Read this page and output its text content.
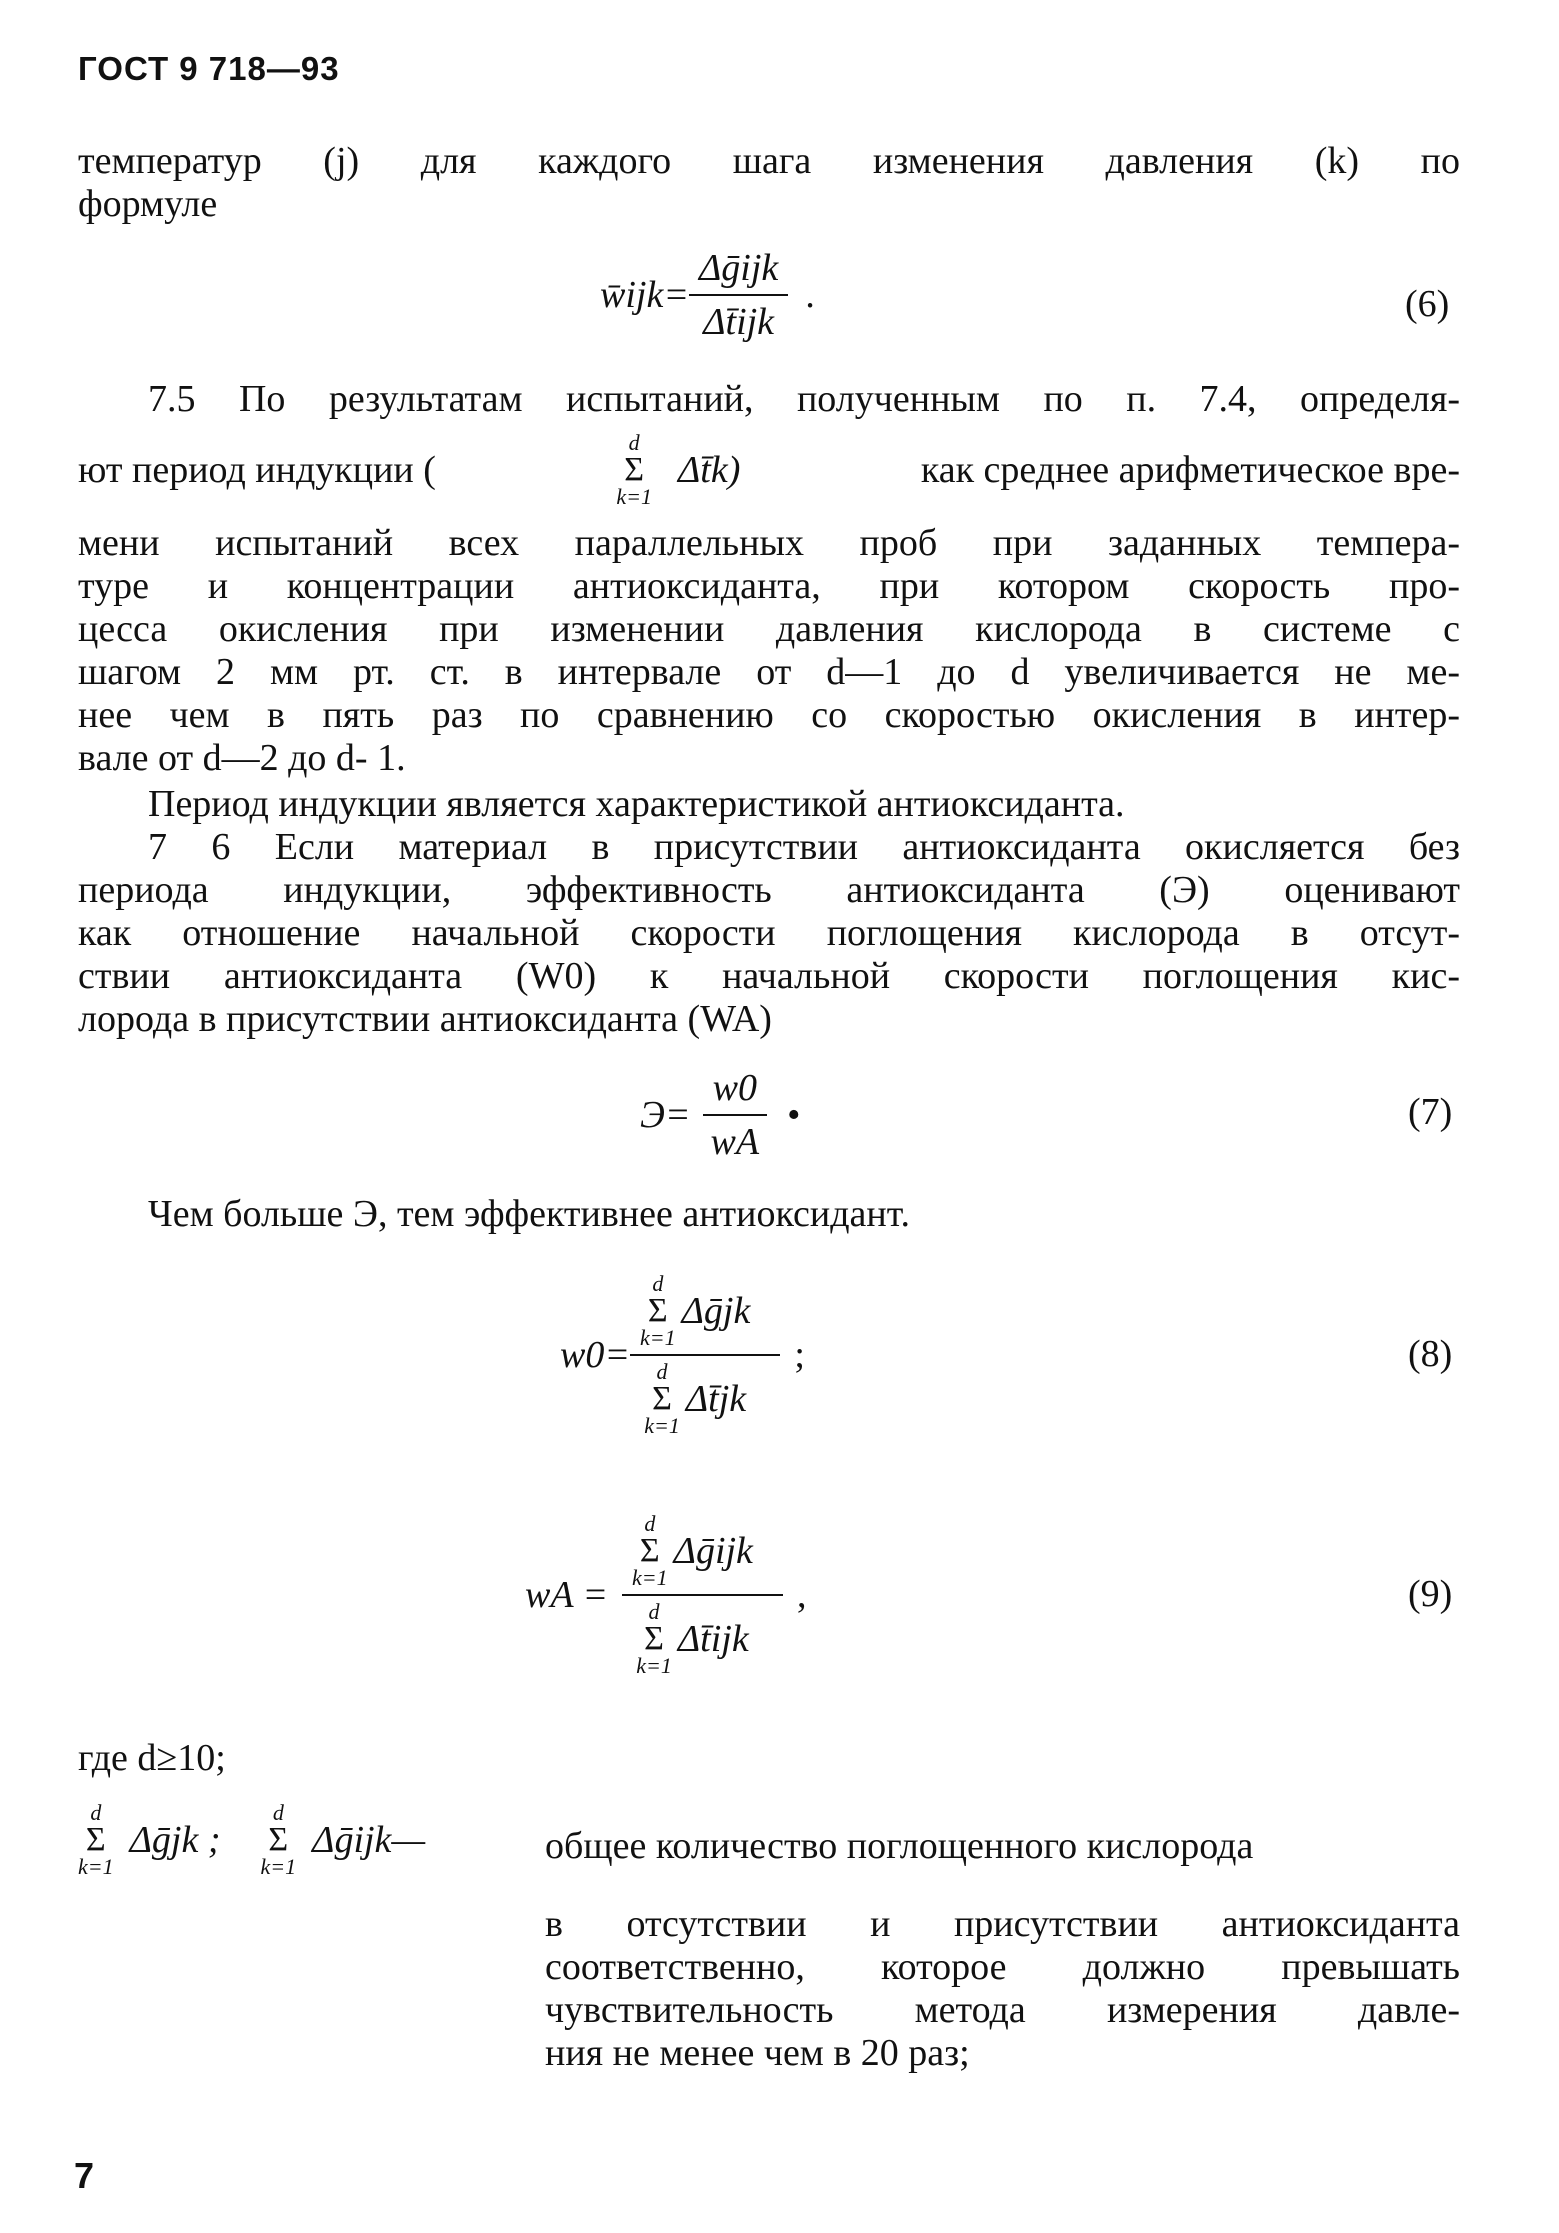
ГОСТ 9 718—93
температур (j) для каждого шага изменения давления (k) по
формуле
w̄ijk= $\frac{\text{Δḡijk}}{\text{Δt̄ijk}}$ .	(6)
7.5 По результатам испытаний, полученным по п. 7.4, определя-
ют период индукции (
d
Σ
k=1
Δt̄k)	как среднее арифметическое вре-
мени испытаний всех параллельных проб при заданных темпера-
туре и концентрации антиоксиданта, при котором скорость про-
цесса окисления при изменении давления кислорода в системе с
шагом 2 мм рт. ст. в интервале от d—1 до d увеличивается не ме-
нее чем в пять раз по сравнению со скоростью окисления в интер-
вале от d—2 до d- 1.
Период индукции является характеристикой антиоксиданта.
7 6 Если материал в присутствии антиоксиданта окисляется без
периода индукции, эффективность антиоксиданта (Э) оценивают
как отношение начальной скорости поглощения кислорода в отсут-
ствии антиоксиданта (W0) к начальной скорости поглощения кис-
лорода в присутствии антиоксиданта (WA)
$Э= \frac{w0}{wA}$ •	(7)
Чем больше Э, тем эффективнее антиоксидант.
w0= d
Σ
k=1
Δḡjk
d
Σ
k=1
Δt̄jk ;	(8)
wA = d
Σ
k=1
Δḡijk
d
Σ
k=1
Δt̄ijk ,	(9)
где d≥10;
d
Σ
k=1
Δḡjk ;
d
Σ
k=1
Δḡijk—	общее количество поглощенного кислорода
в отсутствии и присутствии антиоксиданта
соответственно, которое должно превышать
чувствительность метода измерения давле-
ния не менее чем в 20 раз;
7
